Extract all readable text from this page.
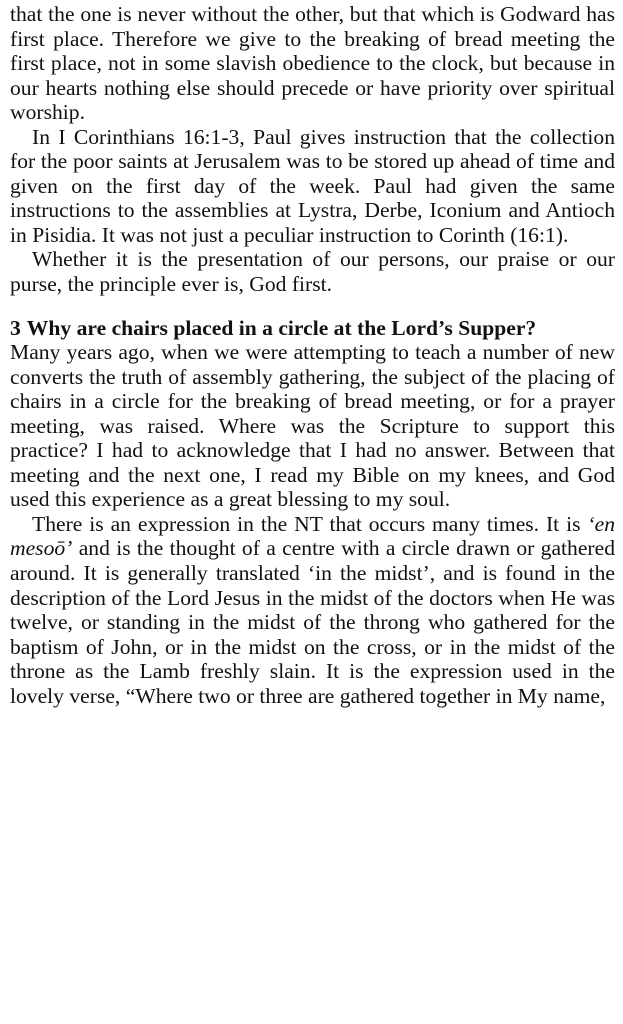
that the one is never without the other, but that which is Godward has first place. Therefore we give to the breaking of bread meeting the first place, not in some slavish obedience to the clock, but because in our hearts nothing else should precede or have priority over spiritual worship.

In I Corinthians 16:1-3, Paul gives instruction that the collection for the poor saints at Jerusalem was to be stored up ahead of time and given on the first day of the week. Paul had given the same instructions to the assemblies at Lystra, Derbe, Iconium and Antioch in Pisidia. It was not just a peculiar instruction to Corinth (16:1).

Whether it is the presentation of our persons, our praise or our purse, the principle ever is, God first.

3 Why are chairs placed in a circle at the Lord’s Supper?

Many years ago, when we were attempting to teach a number of new converts the truth of assembly gathering, the subject of the placing of chairs in a circle for the breaking of bread meeting, or for a prayer meeting, was raised. Where was the Scripture to support this practice? I had to acknowledge that I had no answer. Between that meeting and the next one, I read my Bible on my knees, and God used this experience as a great blessing to my soul.

There is an expression in the NT that occurs many times. It is ‘en mesoō’ and is the thought of a centre with a circle drawn or gathered around. It is generally translated ‘in the midst’, and is found in the description of the Lord Jesus in the midst of the doctors when He was twelve, or standing in the midst of the throng who gathered for the baptism of John, or in the midst on the cross, or in the midst of the throne as the Lamb freshly slain. It is the expression used in the lovely verse, “Where two or three are gathered together in My name,
